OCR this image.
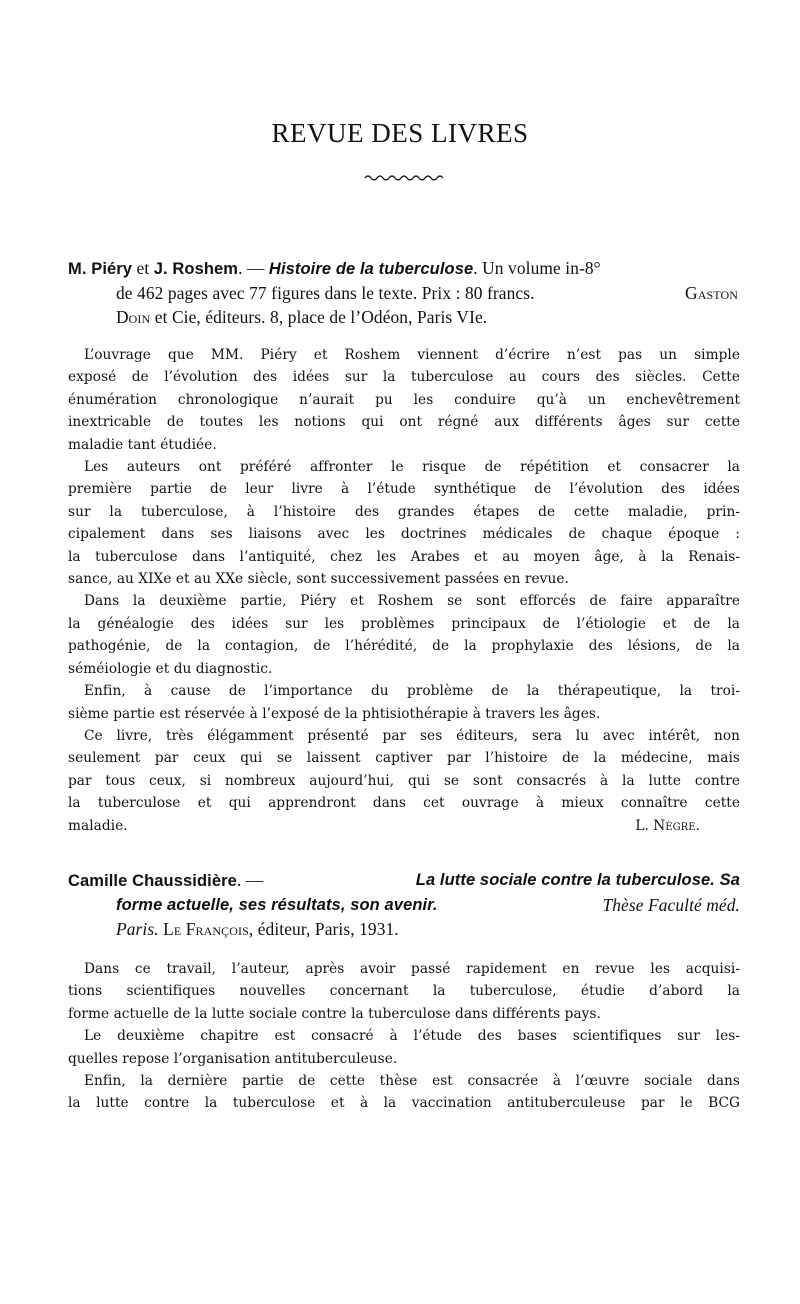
REVUE DES LIVRES
M. Piéry et J. Roshem. — Histoire de la tuberculose. Un volume in-8°
de 462 pages avec 77 figures dans le texte. Prix : 80 francs.	Gaston
Doin et Cie, éditeurs. 8, place de l’Odéon, Paris VIe.
L’ouvrage que MM. Piéry et Roshem viennent d’écrire n’est pas un simple
exposé de l’évolution des idées sur la tuberculose au cours des siècles. Cette
énumération chronologique n’aurait pu les conduire qu’à un enchevêtrement
inextricable de toutes les notions qui ont régné aux différents âges sur cette
maladie tant étudiée.
Les auteurs ont préféré affronter le risque de répétition et consacrer la
première partie de leur livre à l’étude synthétique de l’évolution des idées
sur la tuberculose, à l’histoire des grandes étapes de cette maladie, prin-
cipalement dans ses liaisons avec les doctrines médicales de chaque époque :
la tuberculose dans l’antiquité, chez les Arabes et au moyen âge, à la Renais-
sance, au XIXe et au XXe siècle, sont successivement passées en revue.
Dans la deuxième partie, Piéry et Roshem se sont efforcés de faire apparaître
la généalogie des idées sur les problèmes principaux de l’étiologie et de la
pathogénie, de la contagion, de l’hérédité, de la prophylaxie des lésions, de la
séméiologie et du diagnostic.
Enfin, à cause de l’importance du problème de la thérapeutique, la troi-
sième partie est réservée à l’exposé de la phtisiothérapie à travers les âges.
Ce livre, très élégamment présenté par ses éditeurs, sera lu avec intérêt, non
seulement par ceux qui se laissent captiver par l’histoire de la médecine, mais
par tous ceux, si nombreux aujourd’hui, qui se sont consacrés à la lutte contre
la tuberculose et qui apprendront dans cet ouvrage à mieux connaître cette
maladie.	L. Nègre.
Camille Chaussidière. —	La lutte sociale contre la tuberculose. Sa
forme actuelle, ses résultats, son avenir.	Thèse Faculté méd.
Paris. Le François, éditeur, Paris, 1931.
Dans ce travail, l’auteur, après avoir passé rapidement en revue les acquisi-
tions scientifiques nouvelles concernant la tuberculose, étudie d’abord la
forme actuelle de la lutte sociale contre la tuberculose dans différents pays.
Le deuxième chapitre est consacré à l’étude des bases scientifiques sur les-
quelles repose l’organisation antituberculeuse.
Enfin, la dernière partie de cette thèse est consacrée à l’œuvre sociale dans
la lutte contre la tuberculose et à la vaccination antituberculeuse par le BCG
